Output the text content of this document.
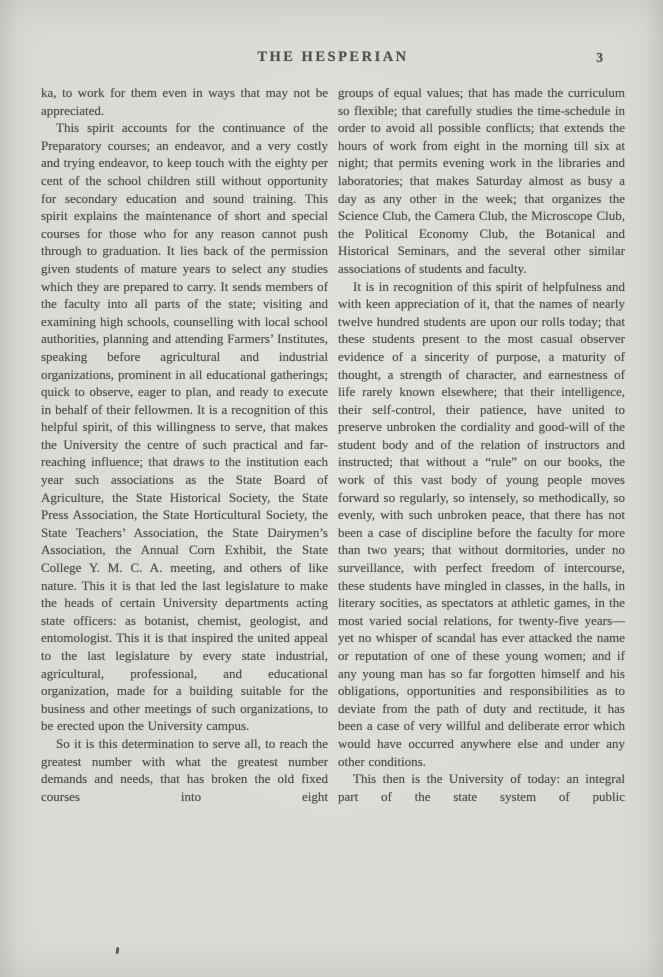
THE HESPERIAN	3

ka, to work for them even in ways that may not be appreciated.

This spirit accounts for the continuance of the Preparatory courses; an endeavor, and a very costly and trying endeavor, to keep touch with the eighty per cent of the school children still without opportunity for secondary education and sound training. This spirit explains the maintenance of short and special courses for those who for any reason cannot push through to graduation. It lies back of the permission given students of mature years to select any studies which they are prepared to carry. It sends members of the faculty into all parts of the state; visiting and examining high schools, counselling with local school authorities, planning and attending Farmers’ Institutes, speaking before agricultural and industrial organizations, prominent in all educational gatherings; quick to observe, eager to plan, and ready to execute in behalf of their fellowmen. It is a recognition of this helpful spirit, of this willingness to serve, that makes the University the centre of such practical and far-reaching influence; that draws to the institution each year such associations as the State Board of Agriculture, the State Historical Society, the State Press Association, the State Horticultural Society, the State Teachers’ Association, the State Dairymen’s Association, the Annual Corn Exhibit, the State College Y. M. C. A. meeting, and others of like nature. This it is that led the last legislature to make the heads of certain University departments acting state officers: as botanist, chemist, geologist, and entomologist. This it is that inspired the united appeal to the last legislature by every state industrial, agricultural, professional, and educational organization, made for a building suitable for the business and other meetings of such organizations, to be erected upon the University campus.

So it is this determination to serve all, to reach the greatest number with what the greatest number demands and needs, that has broken the old fixed courses into eight

groups of equal values; that has made the curriculum so flexible; that carefully studies the time-schedule in order to avoid all possible conflicts; that extends the hours of work from eight in the morning till six at night; that permits evening work in the libraries and laboratories; that makes Saturday almost as busy a day as any other in the week; that organizes the Science Club, the Camera Club, the Microscope Club, the Political Economy Club, the Botanical and Historical Seminars, and the several other similar associations of students and faculty.

It is in recognition of this spirit of helpfulness and with keen appreciation of it, that the names of nearly twelve hundred students are upon our rolls today; that these students present to the most casual observer evidence of a sincerity of purpose, a maturity of thought, a strength of character, and earnestness of life rarely known elsewhere; that their intelligence, their self-control, their patience, have united to preserve unbroken the cordiality and good-will of the student body and of the relation of instructors and instructed; that without a “rule” on our books, the work of this vast body of young people moves forward so regularly, so intensely, so methodically, so evenly, with such unbroken peace, that there has not been a case of discipline before the faculty for more than two years; that without dormitories, under no surveillance, with perfect freedom of intercourse, these students have mingled in classes, in the halls, in literary socities, as spectators at athletic games, in the most varied social relations, for twenty-five years—yet no whisper of scandal has ever attacked the name or reputation of one of these young women; and if any young man has so far forgotten himself and his obligations, opportunities and responsibilities as to deviate from the path of duty and rectitude, it has been a case of very willful and deliberate error which would have occurred anywhere else and under any other conditions.

This then is the University of today: an integral part of the state system of public
